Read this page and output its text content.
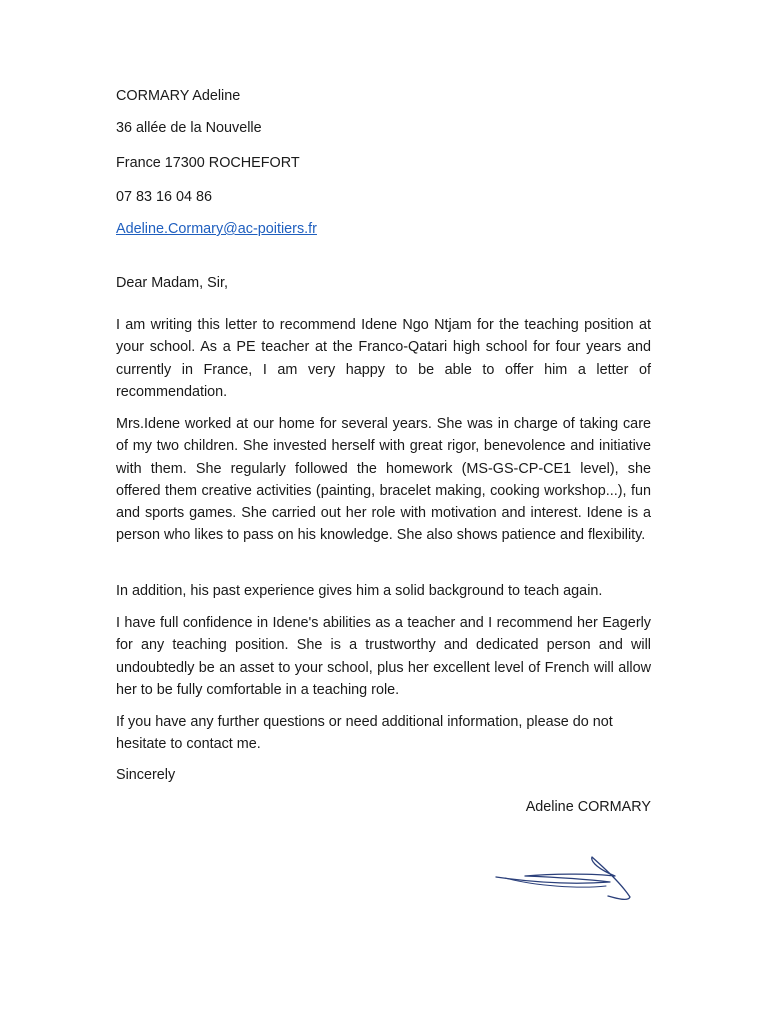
CORMARY Adeline
36 allée de la Nouvelle
France 17300 ROCHEFORT
07 83 16 04 86
Adeline.Cormary@ac-poitiers.fr
Dear Madam, Sir,

I am writing this letter to recommend Idene Ngo Ntjam for the teaching position at your school. As a PE teacher at the Franco-Qatari high school for four years and currently in France, I am very happy to be able to offer him a letter of recommendation.

Mrs.Idene worked at our home for several years. She was in charge of taking care of my two children. She invested herself with great rigor, benevolence and initiative with them. She regularly followed the homework (MS-GS-CP-CE1 level), she offered them creative activities (painting, bracelet making, cooking workshop...), fun and sports games. She carried out her role with motivation and interest. Idene is a person who likes to pass on his knowledge. She also shows patience and flexibility.

In addition, his past experience gives him a solid background to teach again.

I have full confidence in Idene's abilities as a teacher and I recommend her Eagerly for any teaching position. She is a trustworthy and dedicated person and will undoubtedly be an asset to your school, plus her excellent level of French will allow her to be fully comfortable in a teaching role.

If you have any further questions or need additional information, please do not hesitate to contact me.

Sincerely
Adeline CORMARY
